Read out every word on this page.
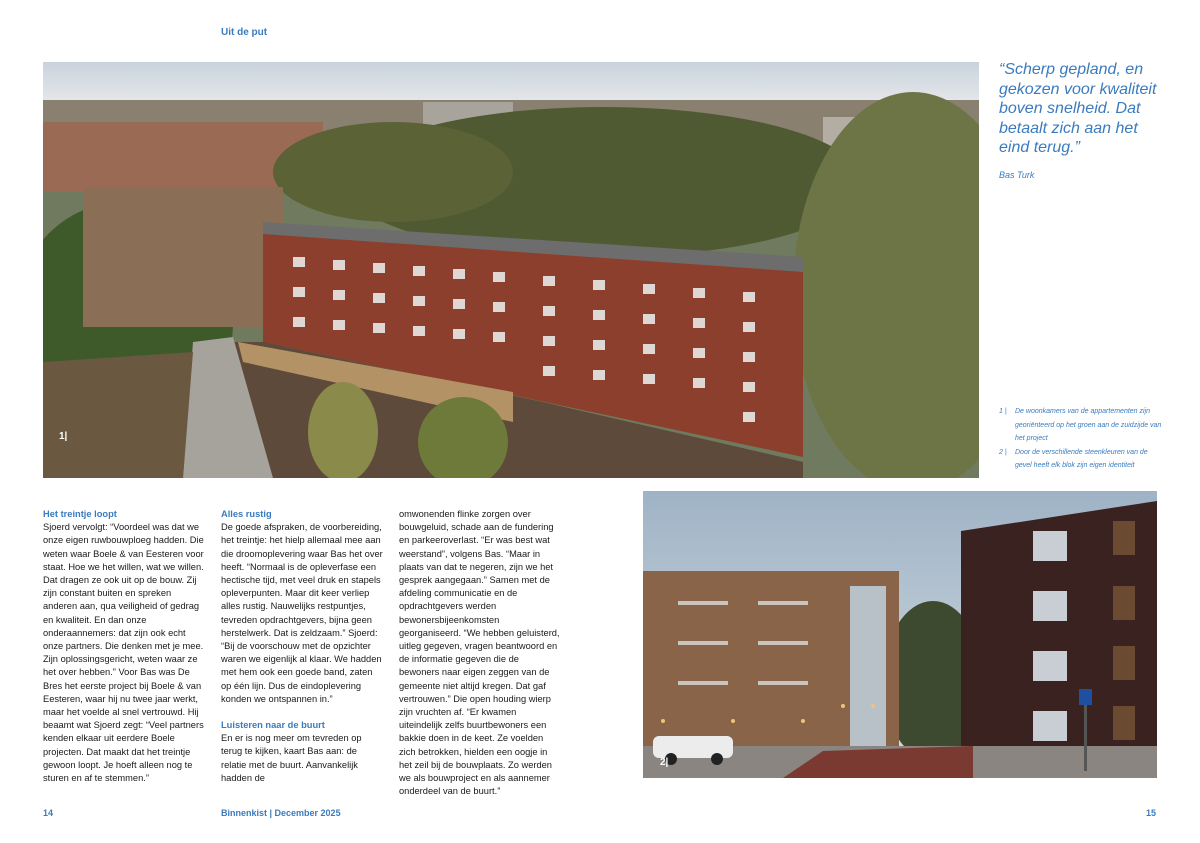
Uit de put
1|
“Scherp gepland, en gekozen voor kwaliteit boven snelheid. Dat betaalt zich aan het eind terug.”
Bas Turk
1 |	De woonkamers van de appartementen zijn georiënteerd op het groen aan de zuidzijde van het project
2 |	Door de verschillende steenkleuren van de gevel heeft elk blok zijn eigen identiteit
Het treintje loopt

Sjoerd vervolgt: “Voordeel was dat we onze eigen ruwbouwploeg hadden. Die weten waar Boele & van Eesteren voor staat. Hoe we het willen, wat we willen. Dat dragen ze ook uit op de bouw. Zij zijn constant buiten en spreken anderen aan, qua veiligheid of gedrag en kwaliteit. En dan onze onderaannemers: dat zijn ook echt onze partners. Die denken met je mee. Zijn oplossingsgericht, weten waar ze het over hebben.” Voor Bas was De Bres het eerste project bij Boele & van Eesteren, waar hij nu twee jaar werkt, maar het voelde al snel vertrouwd. Hij beaamt wat Sjoerd zegt: “Veel partners kenden elkaar uit eerdere Boele projecten. Dat maakt dat het treintje gewoon loopt. Je hoeft alleen nog te sturen en af te stemmen.”

Alles rustig

De goede afspraken, de voorbereiding, het treintje: het hielp allemaal mee aan die droomoplevering waar Bas het over heeft. “Normaal is de opleverfase een hectische tijd, met veel druk en stapels opleverpunten. Maar dit keer verliep alles rustig. Nauwelijks restpuntjes, tevreden opdrachtgevers, bijna geen herstelwerk. Dat is zeldzaam.” Sjoerd: “Bij de voorschouw met de opzichter waren we eigenlijk al klaar. We hadden met hem ook een goede band, zaten op één lijn. Dus de eindoplevering konden we ontspannen in.”

Luisteren naar de buurt

En er is nog meer om tevreden op terug te kijken, kaart Bas aan: de relatie met de buurt. Aanvankelijk hadden de

omwonenden flinke zorgen over bouwgeluid, schade aan de fundering en parkeeroverlast. “Er was best wat weerstand”, volgens Bas. “Maar in plaats van dat te negeren, zijn we het gesprek aangegaan.” Samen met de afdeling communicatie en de opdrachtgevers werden bewonersbijeenkomsten georganiseerd. “We hebben geluisterd, uitleg gegeven, vragen beantwoord en de informatie gegeven die de bewoners naar eigen zeggen van de gemeente niet altijd kregen. Dat gaf vertrouwen.” Die open houding wierp zijn vruchten af. “Er kwamen uiteindelijk zelfs buurtbewoners een bakkie doen in de keet. Ze voelden zich betrokken, hielden een oogje in het zeil bij de bouwplaats. Zo werden we als bouwproject en als aannemer onderdeel van de buurt.”

2|
14	Binnenkist | December 2025	15
